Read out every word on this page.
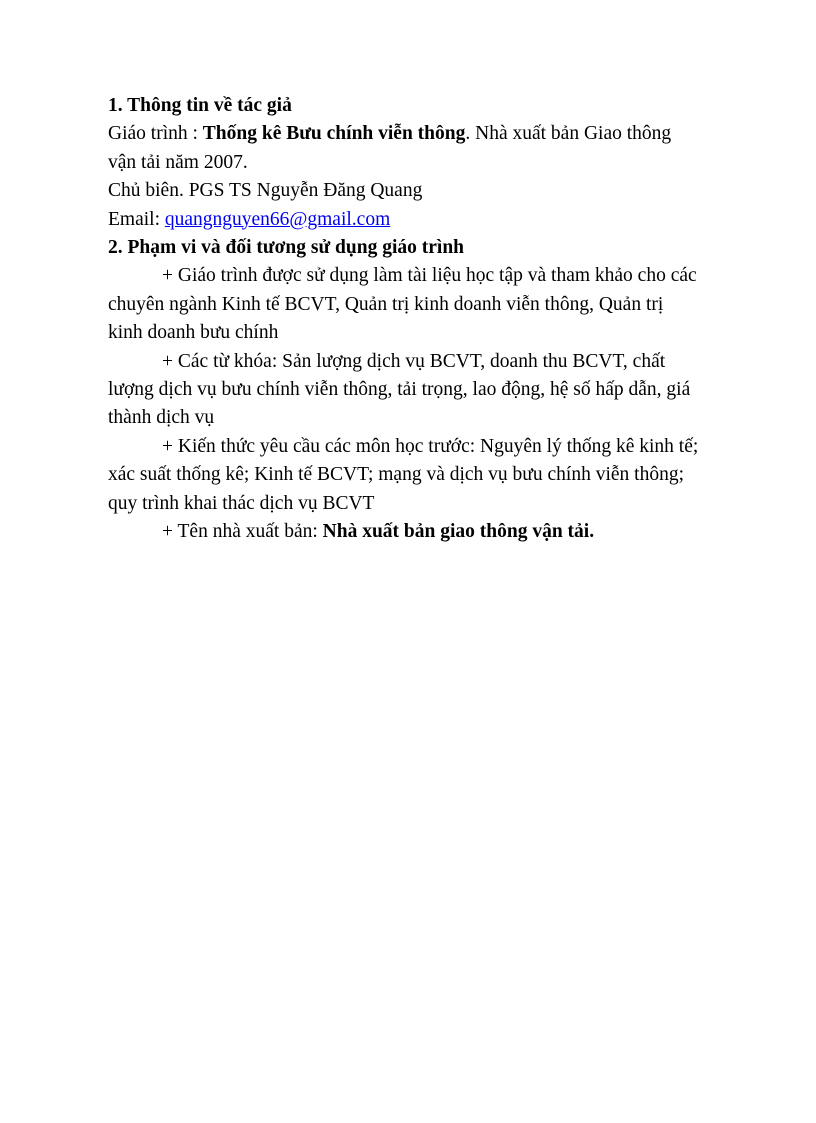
1. Thông tin về tác giả
Giáo trình : Thống kê Bưu chính viễn thông. Nhà xuất bản Giao thông
vận tải năm 2007.
Chủ biên. PGS TS Nguyễn Đăng Quang
Email: quangnguyen66@gmail.com
2. Phạm vi và đối tương sử dụng giáo trình
+ Giáo trình được sử dụng làm tài liệu học tập và tham khảo cho các
chuyên ngành Kinh tế BCVT, Quản trị kinh doanh viễn thông, Quản trị
kinh doanh bưu chính
+ Các từ khóa: Sản lượng dịch vụ BCVT, doanh thu BCVT, chất
lượng dịch vụ bưu chính viễn thông, tải trọng, lao động, hệ số hấp dẫn, giá
thành dịch vụ
+ Kiến thức yêu cầu các môn học trước: Nguyên lý thống kê kinh tế;
xác suất thống kê; Kinh tế BCVT; mạng và dịch vụ bưu chính viễn thông;
quy trình khai thác dịch vụ BCVT
+ Tên nhà xuất bản: Nhà xuất bản giao thông vận tải.
